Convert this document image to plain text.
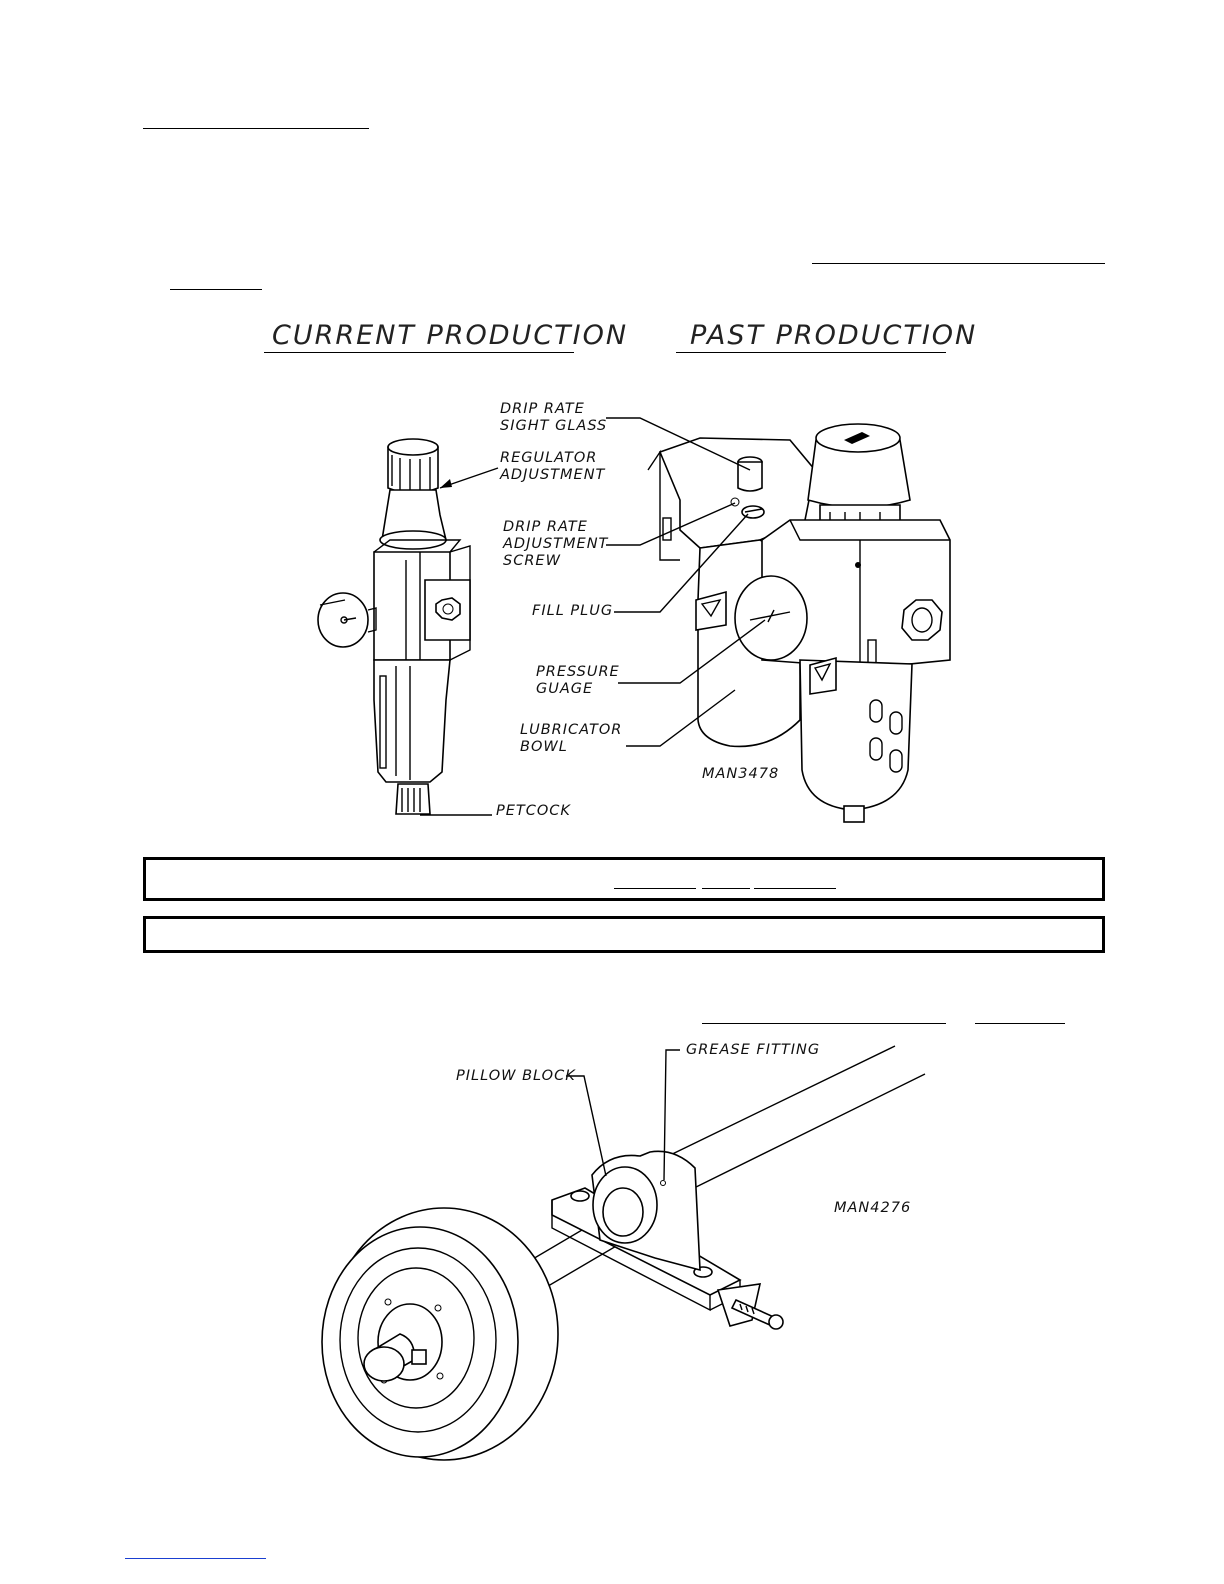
CURRENT PRODUCTION PAST PRODUCTION
DRIP RATE
SIGHT GLASS
REGULATOR
ADJUSTMENT
DRIP RATE
ADJUSTMENT
SCREW
FILL PLUG
PRESSURE
GUAGE
LUBRICATOR
BOWL
MAN3478
PETCOCK
PILLOW BLOCK
GREASE FITTING
MAN4276
